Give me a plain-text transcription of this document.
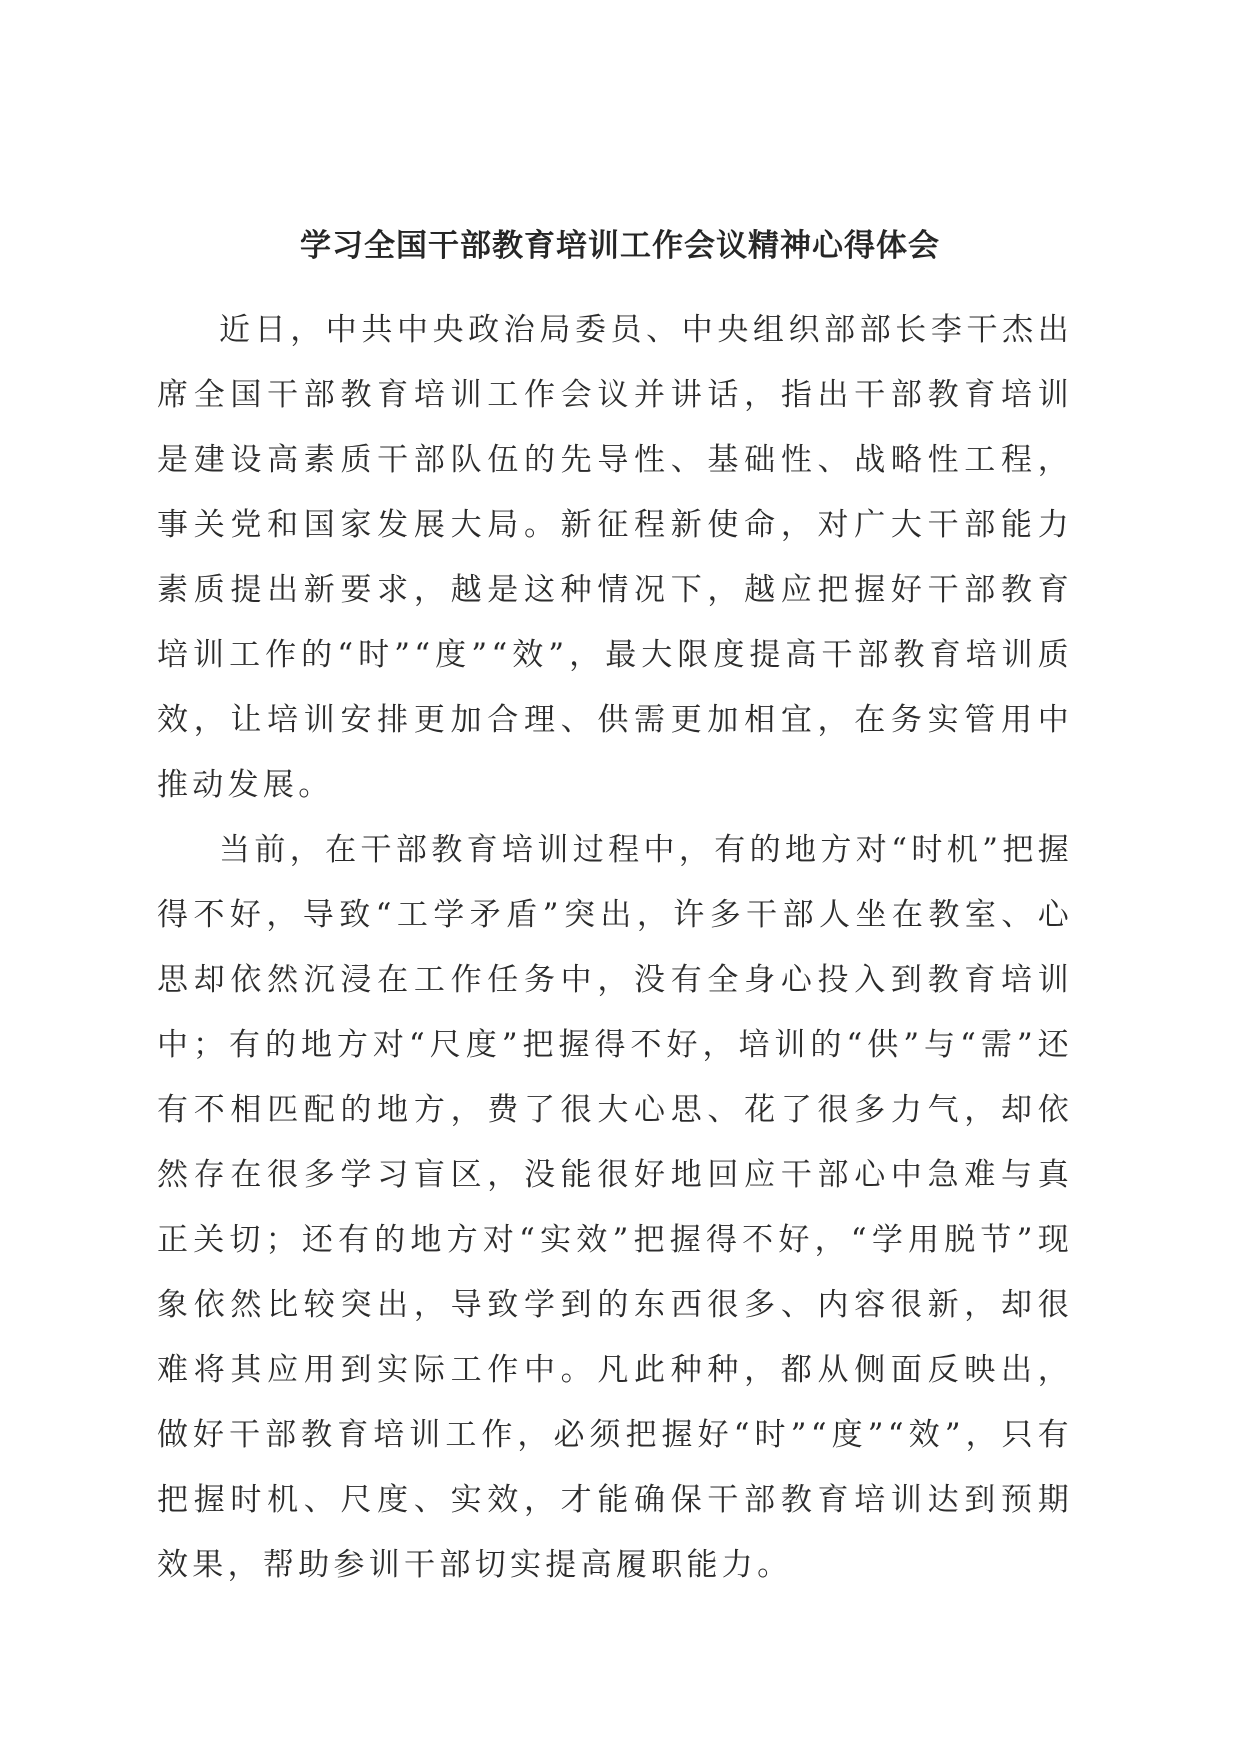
学习全国干部教育培训工作会议精神心得体会

近日，中共中央政治局委员、中央组织部部长李干杰出席全国干部教育培训工作会议并讲话，指出干部教育培训是建设高素质干部队伍的先导性、基础性、战略性工程，事关党和国家发展大局。新征程新使命，对广大干部能力素质提出新要求，越是这种情况下，越应把握好干部教育培训工作的“时”“度”“效”，最大限度提高干部教育培训质效，让培训安排更加合理、供需更加相宜，在务实管用中推动发展。

当前，在干部教育培训过程中，有的地方对“时机”把握得不好，导致“工学矛盾”突出，许多干部人坐在教室、心思却依然沉浸在工作任务中，没有全身心投入到教育培训中；有的地方对“尺度”把握得不好，培训的“供”与“需”还有不相匹配的地方，费了很大心思、花了很多力气，却依然存在很多学习盲区，没能很好地回应干部心中急难与真正关切；还有的地方对“实效”把握得不好，“学用脱节”现象依然比较突出，导致学到的东西很多、内容很新，却很难将其应用到实际工作中。凡此种种，都从侧面反映出，做好干部教育培训工作，必须把握好“时”“度”“效”，只有把握时机、尺度、实效，才能确保干部教育培训达到预期效果，帮助参训干部切实提高履职能力。
